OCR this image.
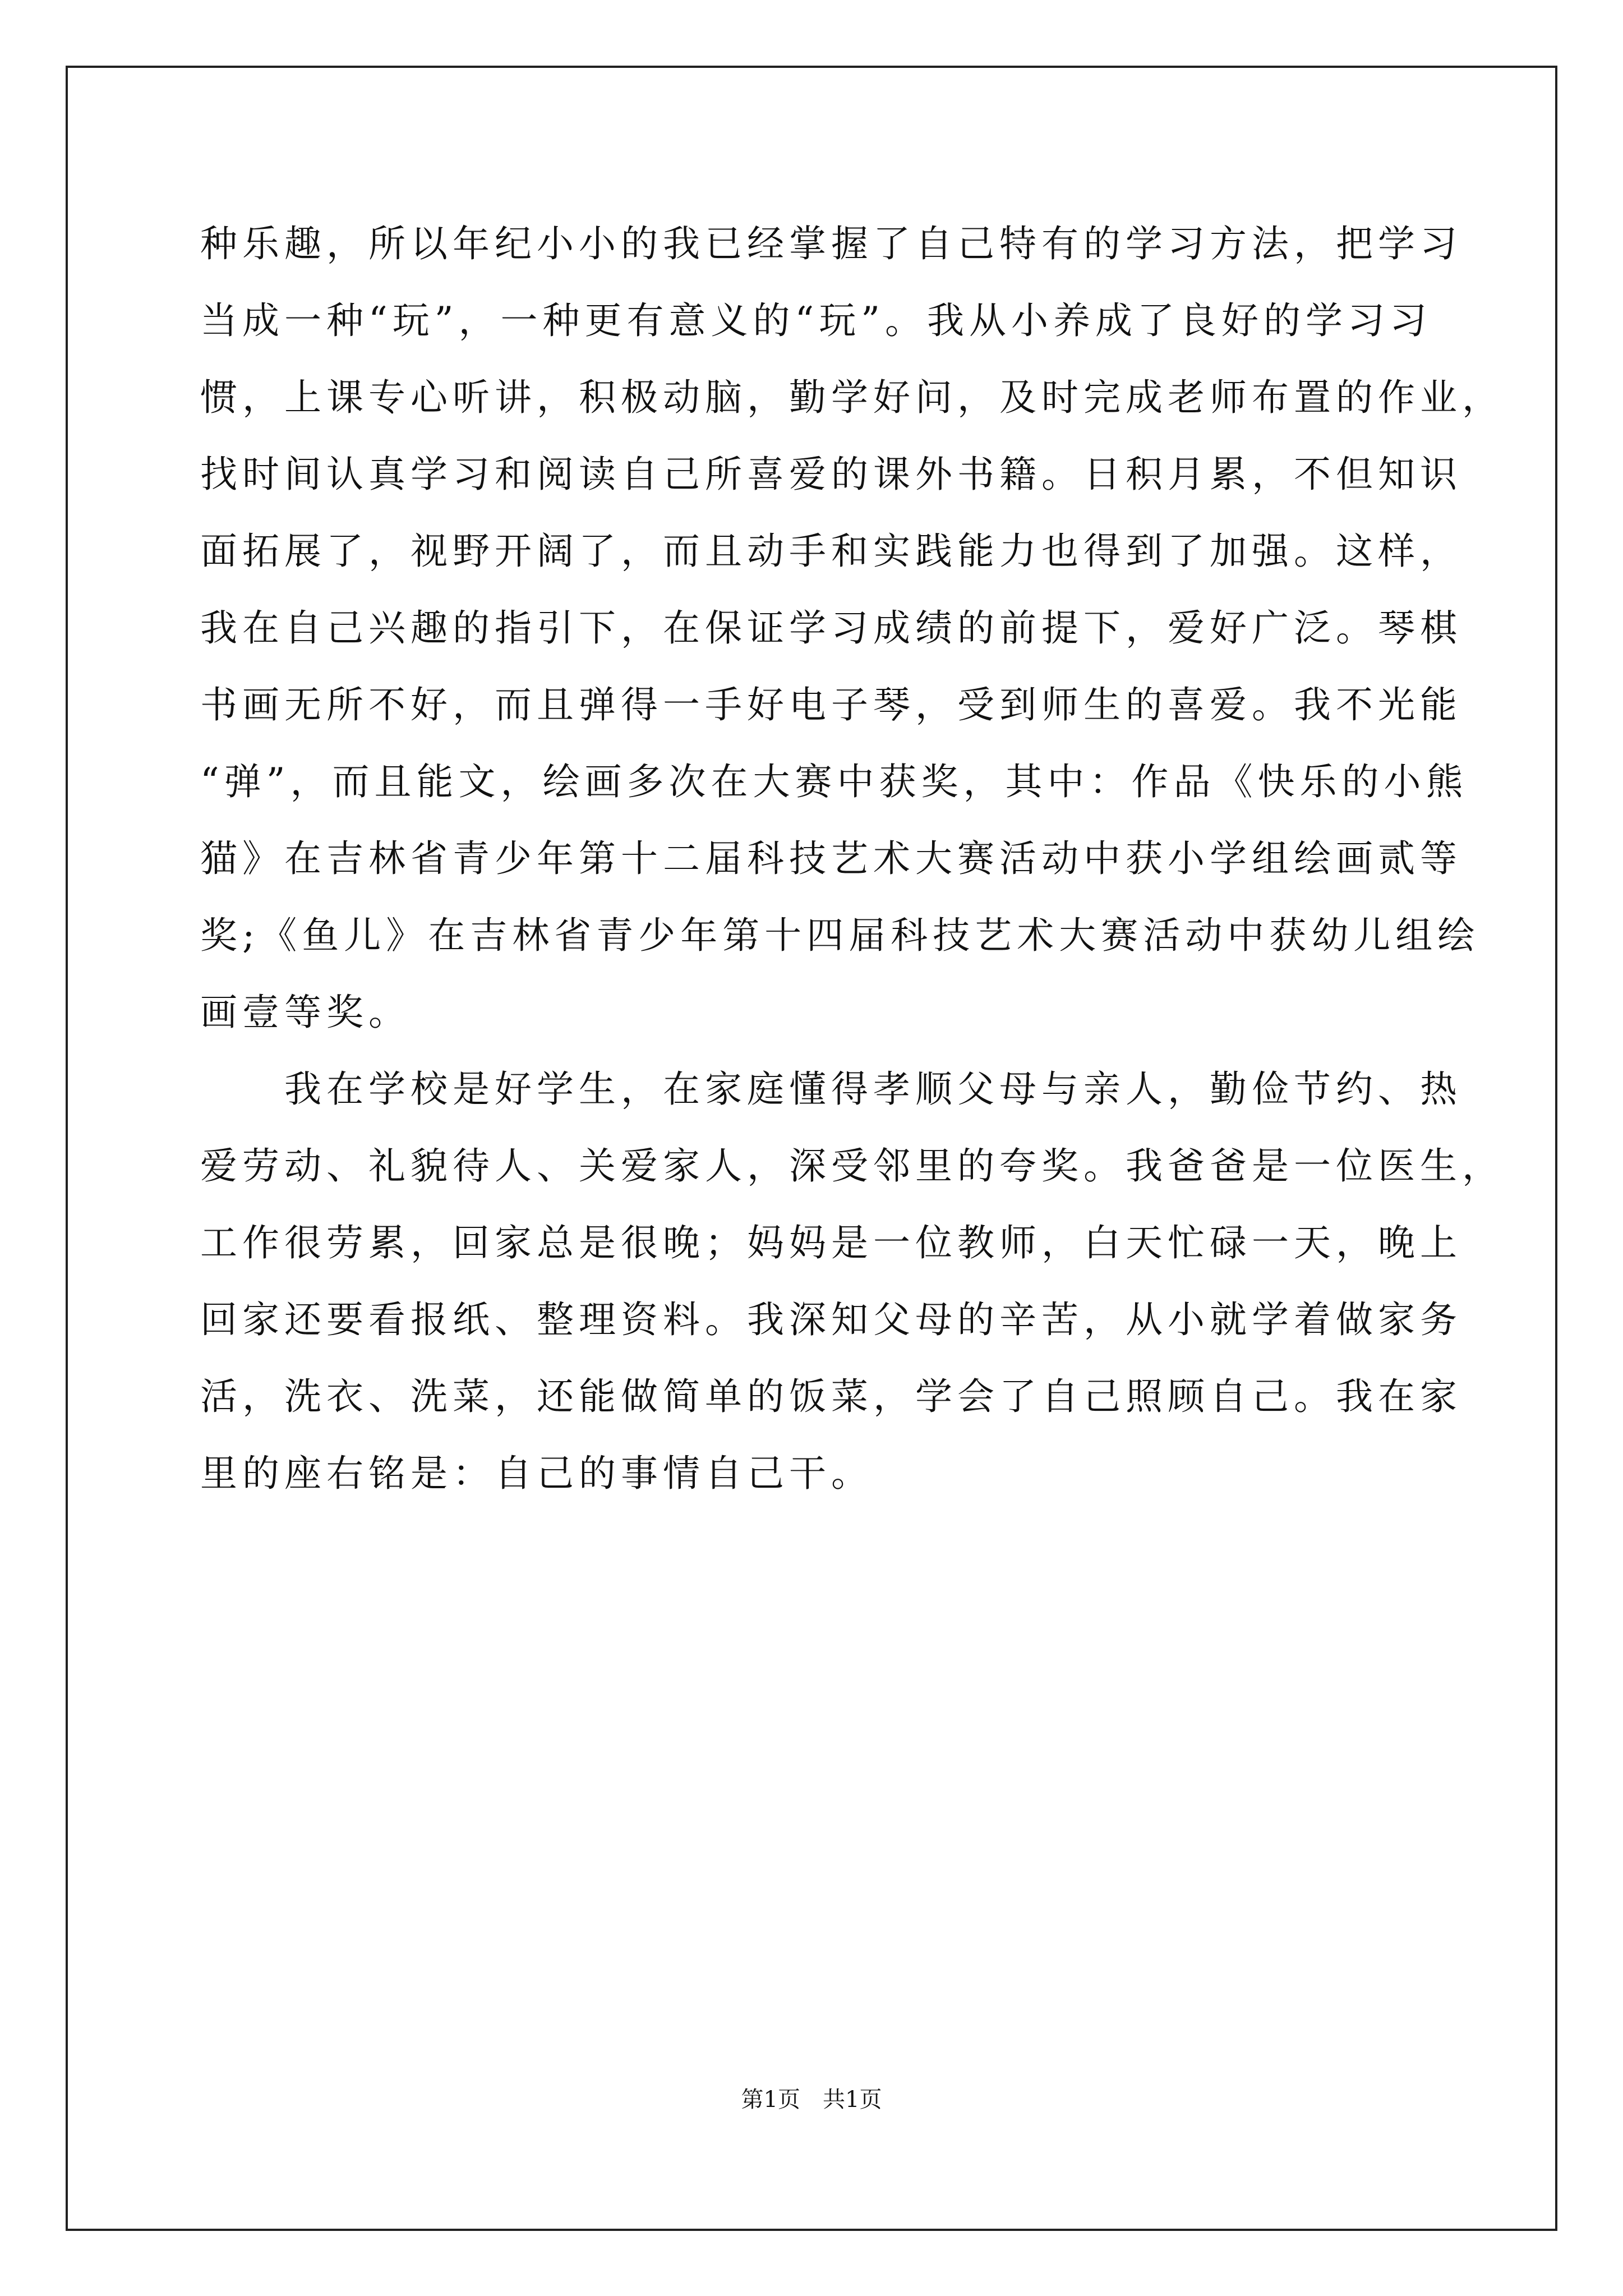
种乐趣，所以年纪小小的我已经掌握了自己特有的学习方法，把学习
当成一种“玩”，一种更有意义的“玩”。我从小养成了良好的学习习
惯，上课专心听讲，积极动脑，勤学好问，及时完成老师布置的作业，
找时间认真学习和阅读自己所喜爱的课外书籍。日积月累，不但知识
面拓展了，视野开阔了，而且动手和实践能力也得到了加强。这样，
我在自己兴趣的指引下，在保证学习成绩的前提下，爱好广泛。琴棋
书画无所不好，而且弹得一手好电子琴，受到师生的喜爱。我不光能
“弹”，而且能文，绘画多次在大赛中获奖，其中：作品《快乐的小熊
猫》在吉林省青少年第十二届科技艺术大赛活动中获小学组绘画贰等
奖;《鱼儿》在吉林省青少年第十四届科技艺术大赛活动中获幼儿组绘
画壹等奖。
　　我在学校是好学生，在家庭懂得孝顺父母与亲人，勤俭节约、热
爱劳动、礼貌待人、关爱家人，深受邻里的夸奖。我爸爸是一位医生，
工作很劳累，回家总是很晚；妈妈是一位教师，白天忙碌一天，晚上
回家还要看报纸、整理资料。我深知父母的辛苦，从小就学着做家务
活，洗衣、洗菜，还能做简单的饭菜，学会了自己照顾自己。我在家
里的座右铭是：自己的事情自己干。
第1页　共1页
